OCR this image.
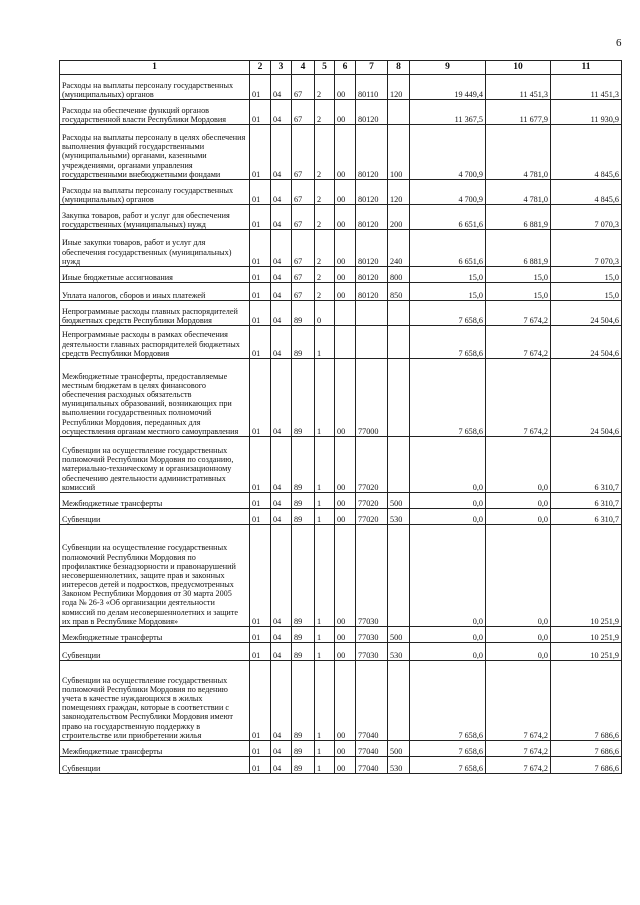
6
1	2	3	4	5	6	7	8	9	10	11
Расходы на выплаты персоналу государственных (муниципальных) органов	01	04	67	2	00	80110	120	19 449,4	11 451,3	11 451,3
Расходы на обеспечение функций органов государственной власти Республики Мордовия	01	04	67	2	00	80120		11 367,5	11 677,9	11 930,9
Расходы на выплаты персоналу в целях обеспечения выполнения функций государственными (муниципальными) органами, казенными учреждениями, органами управления государственными внебюджетными фондами	01	04	67	2	00	80120	100	4 700,9	4 781,0	4 845,6
Расходы на выплаты персоналу государственных (муниципальных) органов	01	04	67	2	00	80120	120	4 700,9	4 781,0	4 845,6
Закупка товаров, работ и услуг для обеспечения государственных (муниципальных) нужд	01	04	67	2	00	80120	200	6 651,6	6 881,9	7 070,3
Иные закупки товаров, работ и услуг для обеспечения государственных (муниципальных) нужд	01	04	67	2	00	80120	240	6 651,6	6 881,9	7 070,3
Иные бюджетные ассигнования	01	04	67	2	00	80120	800	15,0	15,0	15,0
Уплата налогов, сборов и иных платежей	01	04	67	2	00	80120	850	15,0	15,0	15,0
Непрограммные расходы главных распорядителей бюджетных средств Республики Мордовия	01	04	89	0				7 658,6	7 674,2	24 504,6
Непрограммные расходы в рамках обеспечения деятельности главных распорядителей бюджетных средств Республики Мордовия	01	04	89	1				7 658,6	7 674,2	24 504,6
Межбюджетные трансферты, предоставляемые местным бюджетам в целях финансового обеспечения расходных обязательств муниципальных образований, возникающих при выполнении государственных полномочий Республики Мордовия, переданных для осуществления органам местного самоуправления	01	04	89	1	00	77000		7 658,6	7 674,2	24 504,6
Субвенции на осуществление государственных полномочий Республики Мордовия по созданию, материально-техническому и организационному обеспечению деятельности административных комиссий	01	04	89	1	00	77020		0,0	0,0	6 310,7
Межбюджетные трансферты	01	04	89	1	00	77020	500	0,0	0,0	6 310,7
Субвенции	01	04	89	1	00	77020	530	0,0	0,0	6 310,7
Субвенции на осуществление государственных полномочий Республики Мордовия по профилактике безнадзорности и правонарушений несовершеннолетних, защите прав и законных интересов детей и подростков, предусмотренных Законом Республики Мордовия от 30 марта 2005 года № 26-З «Об организации деятельности комиссий по делам несовершеннолетних и защите их прав в Республике Мордовия»	01	04	89	1	00	77030		0,0	0,0	10 251,9
Межбюджетные трансферты	01	04	89	1	00	77030	500	0,0	0,0	10 251,9
Субвенции	01	04	89	1	00	77030	530	0,0	0,0	10 251,9
Субвенции на осуществление государственных полномочий Республики Мордовия по ведению учета в качестве нуждающихся в жилых помещениях граждан, которые в соответствии с законодательством Республики Мордовия имеют право на государственную поддержку в строительстве или приобретении жилья	01	04	89	1	00	77040		7 658,6	7 674,2	7 686,6
Межбюджетные трансферты	01	04	89	1	00	77040	500	7 658,6	7 674,2	7 686,6
Субвенции	01	04	89	1	00	77040	530	7 658,6	7 674,2	7 686,6
